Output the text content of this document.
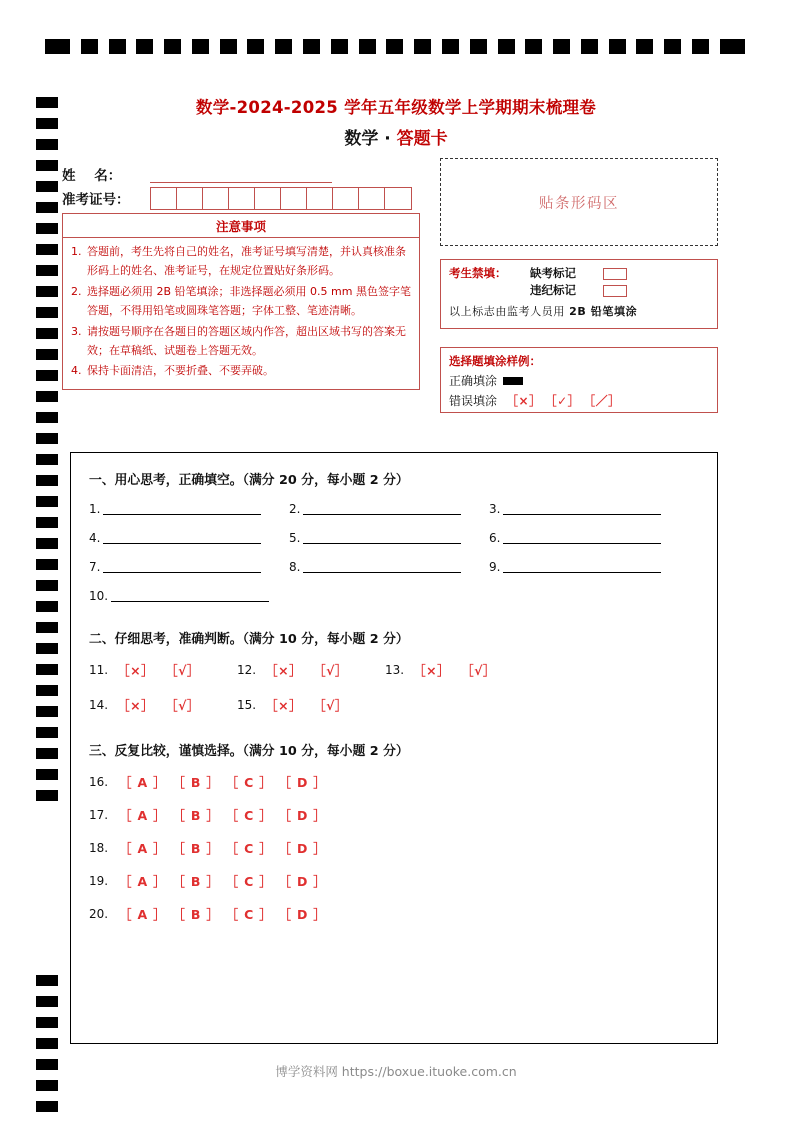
数学-2024-2025 学年五年级数学上学期期末梳理卷
数学 · 答题卡
姓    名：
准考证号：
注意事项
1. 答题前，考生先将自己的姓名，准考证号填写清楚，并认真核准条形码上的姓名、准考证号，在规定位置贴好条形码。
2. 选择题必须用 2B 铅笔填涂；非选择题必须用 0.5 mm 黑色签字笔答题，不得用铅笔或圆珠笔答题；字体工整、笔迹清晰。
3. 请按题号顺序在各题目的答题区域内作答，超出区域书写的答案无效；在草稿纸、试题卷上答题无效。
4. 保持卡面清洁，不要折叠、不要弄破。
贴条形码区
考生禁填：	缺考标记
违纪标记
以上标志由监考人员用 2B 铅笔填涂
选择题填涂样例：
正确填涂
错误填涂 ［×］ ［✓］ ［／］
一、用心思考，正确填空。（满分 20 分，每小题 2 分）
1.	2.	3.
4.	5.	6.
7.	8.	9.
10.
二、仔细思考，准确判断。（满分 10 分，每小题 2 分）
11. ［×］ ［√］	12. ［×］ ［√］	13. ［×］ ［√］
14. ［×］ ［√］	15. ［×］ ［√］
三、反复比较，谨慎选择。（满分 10 分，每小题 2 分）
16. ［ A ］ ［ B ］ ［ C ］ ［ D ］
17. ［ A ］ ［ B ］ ［ C ］ ［ D ］
18. ［ A ］ ［ B ］ ［ C ］ ［ D ］
19. ［ A ］ ［ B ］ ［ C ］ ［ D ］
20. ［ A ］ ［ B ］ ［ C ］ ［ D ］
博学资料网 https://boxue.ituoke.com.cn
